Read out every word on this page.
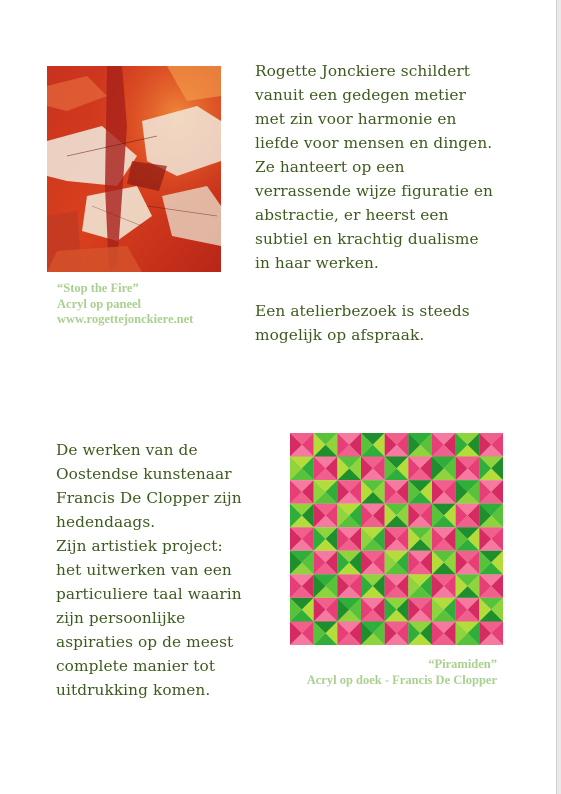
“Stop the Fire”
Acryl op paneel
www.rogettejonckiere.net

Rogette Jonckiere schildert
vanuit een gedegen metier
met zin voor harmonie en
liefde voor mensen en dingen.
Ze hanteert op een
verrassende wijze figuratie en
abstractie, er heerst een
subtiel en krachtig dualisme
in haar werken.

Een atelierbezoek is steeds
mogelijk op afspraak.

De werken van de
Oostendse kunstenaar
Francis De Clopper zijn
hedendaags.
Zijn artistiek project:
het uitwerken van een
particuliere taal waarin
zijn persoonlijke
aspiraties op de meest
complete manier tot
uitdrukking komen.

“Piramiden”
Acryl op doek - Francis De Clopper
